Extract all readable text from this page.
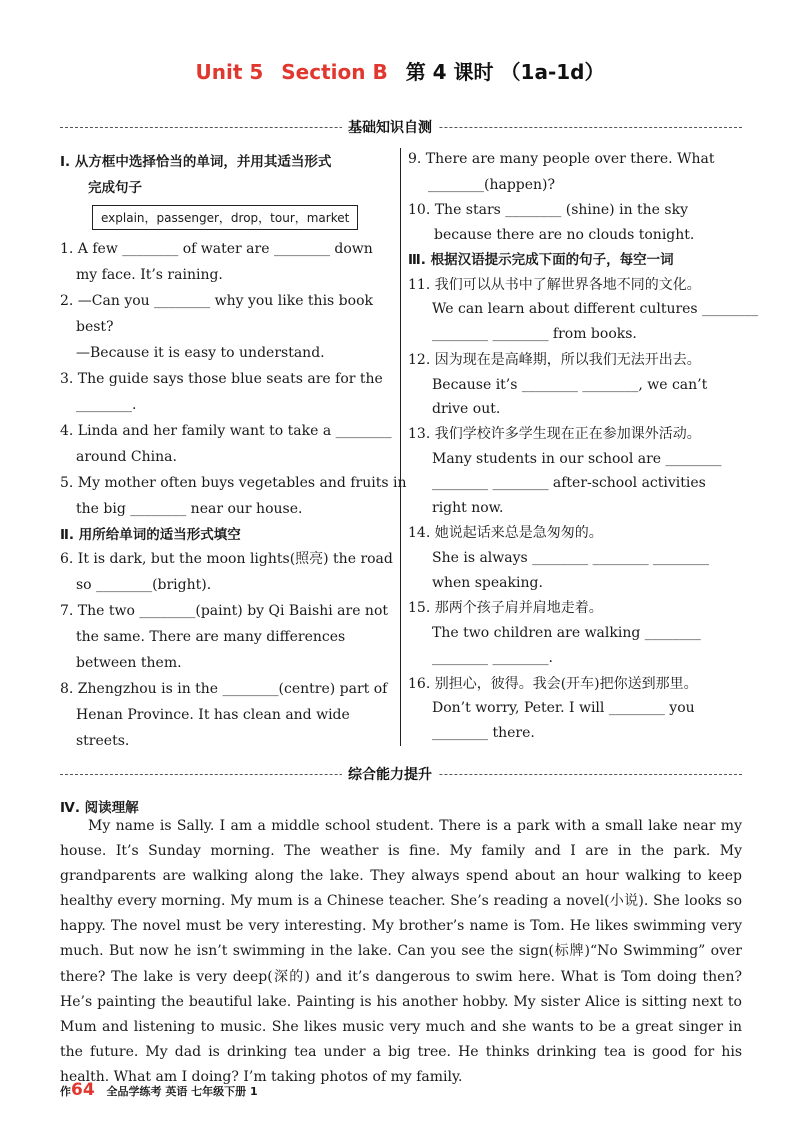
Unit 5 Section B 第 4 课时 （1a-1d）
基础知识自测
Ⅰ. 从方框中选择恰当的单词，并用其适当形式
完成句子
explain，passenger，drop，tour，market
1. A few ________ of water are ________ down
my face. It’s raining.
2. —Can you ________ why you like this book
best?
—Because it is easy to understand.
3. The guide says those blue seats are for the
________.
4. Linda and her family want to take a ________
around China.
5. My mother often buys vegetables and fruits in
the big ________ near our house.
Ⅱ. 用所给单词的适当形式填空
6. It is dark, but the moon lights(照亮) the road
so ________(bright).
7. The two ________(paint) by Qi Baishi are not
the same. There are many differences
between them.
8. Zhengzhou is in the ________(centre) part of
Henan Province. It has clean and wide
streets.
9. There are many people over there. What
________(happen)?
10. The stars ________ (shine) in the sky
because there are no clouds tonight.
Ⅲ. 根据汉语提示完成下面的句子，每空一词
11. 我们可以从书中了解世界各地不同的文化。
We can learn about different cultures ________
________ ________ from books.
12. 因为现在是高峰期，所以我们无法开出去。
Because it’s ________ ________, we can’t
drive out.
13. 我们学校许多学生现在正在参加课外活动。
Many students in our school are ________
________ ________ after-school activities
right now.
14. 她说起话来总是急匆匆的。
She is always ________ ________ ________
when speaking.
15. 那两个孩子肩并肩地走着。
The two children are walking ________
________ ________.
16. 别担心，彼得。我会(开车)把你送到那里。
Don’t worry, Peter. I will ________ you
________ there.
综合能力提升
Ⅳ. 阅读理解
My name is Sally. I am a middle school student. There is a park with a small lake near my house. It’s Sunday morning. The weather is fine. My family and I are in the park. My grandparents are walking along the lake. They always spend about an hour walking to keep healthy every morning. My mum is a Chinese teacher. She’s reading a novel(小说). She looks so happy. The novel must be very interesting. My brother’s name is Tom. He likes swimming very much. But now he isn’t swimming in the lake. Can you see the sign(标牌)“No Swimming” over there? The lake is very deep(深的) and it’s dangerous to swim here. What is Tom doing then? He’s painting the beautiful lake. Painting is his another hobby. My sister Alice is sitting next to Mum and listening to music. She likes music very much and she wants to be a great singer in the future. My dad is drinking tea under a big tree. He thinks drinking tea is good for his health. What am I doing? I’m taking photos of my family.
作64 全品学练考 英语 七年级下册 1
